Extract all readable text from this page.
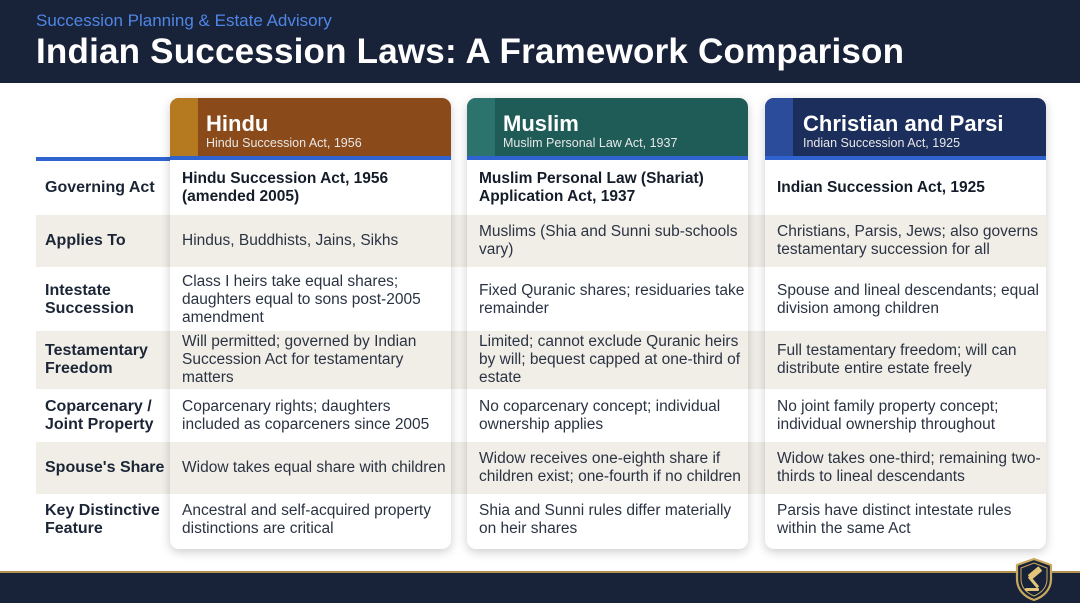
Succession Planning & Estate Advisory
Indian Succession Laws: A Framework Comparison
Governing Act
Applies To
Intestate Succession
Testamentary Freedom
Coparcenary / Joint Property
Spouse's Share
Key Distinctive Feature
Hindu
Hindu Succession Act, 1956
Hindu Succession Act, 1956 (amended 2005)
Hindus, Buddhists, Jains, Sikhs
Class I heirs take equal shares; daughters equal to sons post-2005 amendment
Will permitted; governed by Indian Succession Act for testamentary matters
Coparcenary rights; daughters included as coparceners since 2005
Widow takes equal share with children
Ancestral and self-acquired property distinctions are critical
Muslim
Muslim Personal Law Act, 1937
Muslim Personal Law (Shariat) Application Act, 1937
Muslims (Shia and Sunni sub-schools vary)
Fixed Quranic shares; residuaries take remainder
Limited; cannot exclude Quranic heirs by will; bequest capped at one-third of estate
No coparcenary concept; individual ownership applies
Widow receives one-eighth share if children exist; one-fourth if no children
Shia and Sunni rules differ materially on heir shares
Christian and Parsi
Indian Succession Act, 1925
Indian Succession Act, 1925
Christians, Parsis, Jews; also governs testamentary succession for all
Spouse and lineal descendants; equal division among children
Full testamentary freedom; will can distribute entire estate freely
No joint family property concept; individual ownership throughout
Widow takes one-third; remaining two-thirds to lineal descendants
Parsis have distinct intestate rules within the same Act
